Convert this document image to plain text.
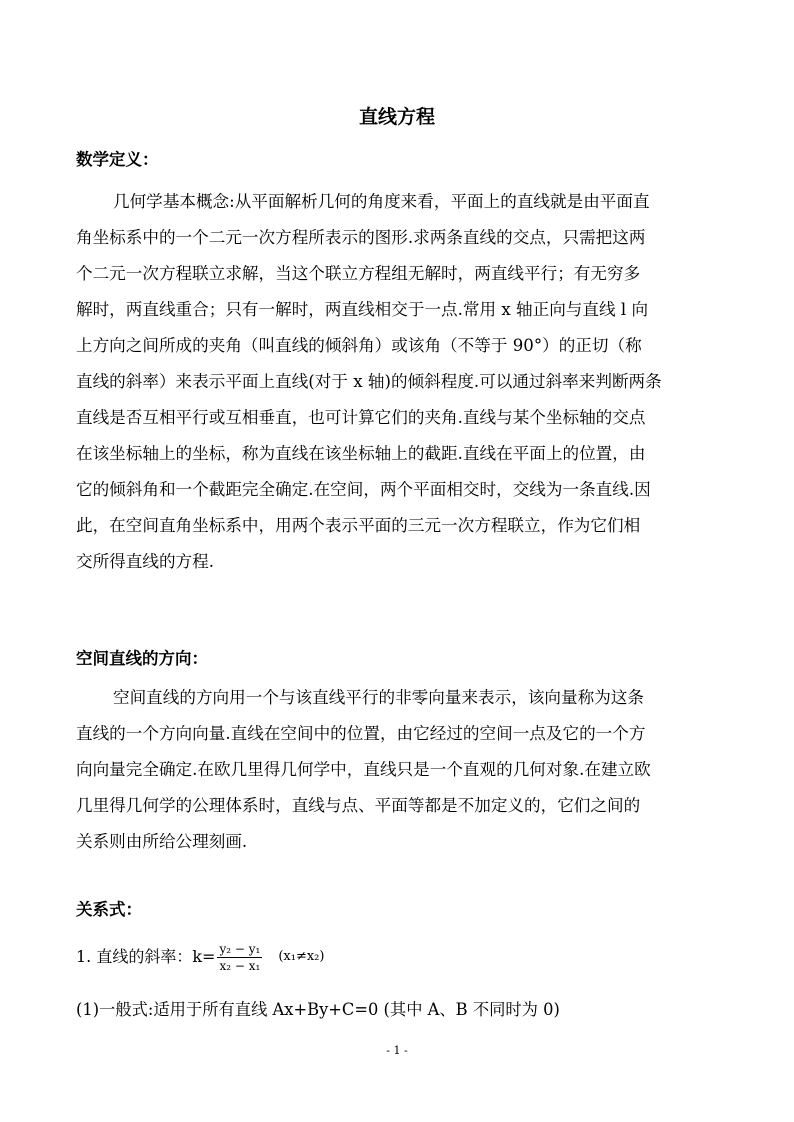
直线方程
数学定义：
几何学基本概念:从平面解析几何的角度来看，平面上的直线就是由平面直
角坐标系中的一个二元一次方程所表示的图形.求两条直线的交点，只需把这两
个二元一次方程联立求解，当这个联立方程组无解时，两直线平行；有无穷多
解时，两直线重合；只有一解时，两直线相交于一点.常用 x 轴正向与直线 l 向
上方向之间所成的夹角（叫直线的倾斜角）或该角（不等于 90°）的正切（称
直线的斜率）来表示平面上直线(对于 x 轴)的倾斜程度.可以通过斜率来判断两条
直线是否互相平行或互相垂直，也可计算它们的夹角.直线与某个坐标轴的交点
在该坐标轴上的坐标，称为直线在该坐标轴上的截距.直线在平面上的位置，由
它的倾斜角和一个截距完全确定.在空间，两个平面相交时，交线为一条直线.因
此，在空间直角坐标系中，用两个表示平面的三元一次方程联立，作为它们相
交所得直线的方程.
空间直线的方向：
空间直线的方向用一个与该直线平行的非零向量来表示，该向量称为这条
直线的一个方向向量.直线在空间中的位置，由它经过的空间一点及它的一个方
向向量完全确定.在欧几里得几何学中，直线只是一个直观的几何对象.在建立欧
几里得几何学的公理体系时，直线与点、平面等都是不加定义的，它们之间的
关系则由所给公理刻画.
关系式：
1. 直线的斜率：$k= \frac{\text{y₂ − y₁}}{\text{x₂ − x₁}} (x_1\ne x_2)$
(1)一般式:适用于所有直线 Ax+By+C=0 (其中 A、B 不同时为 0)
- 1 -
